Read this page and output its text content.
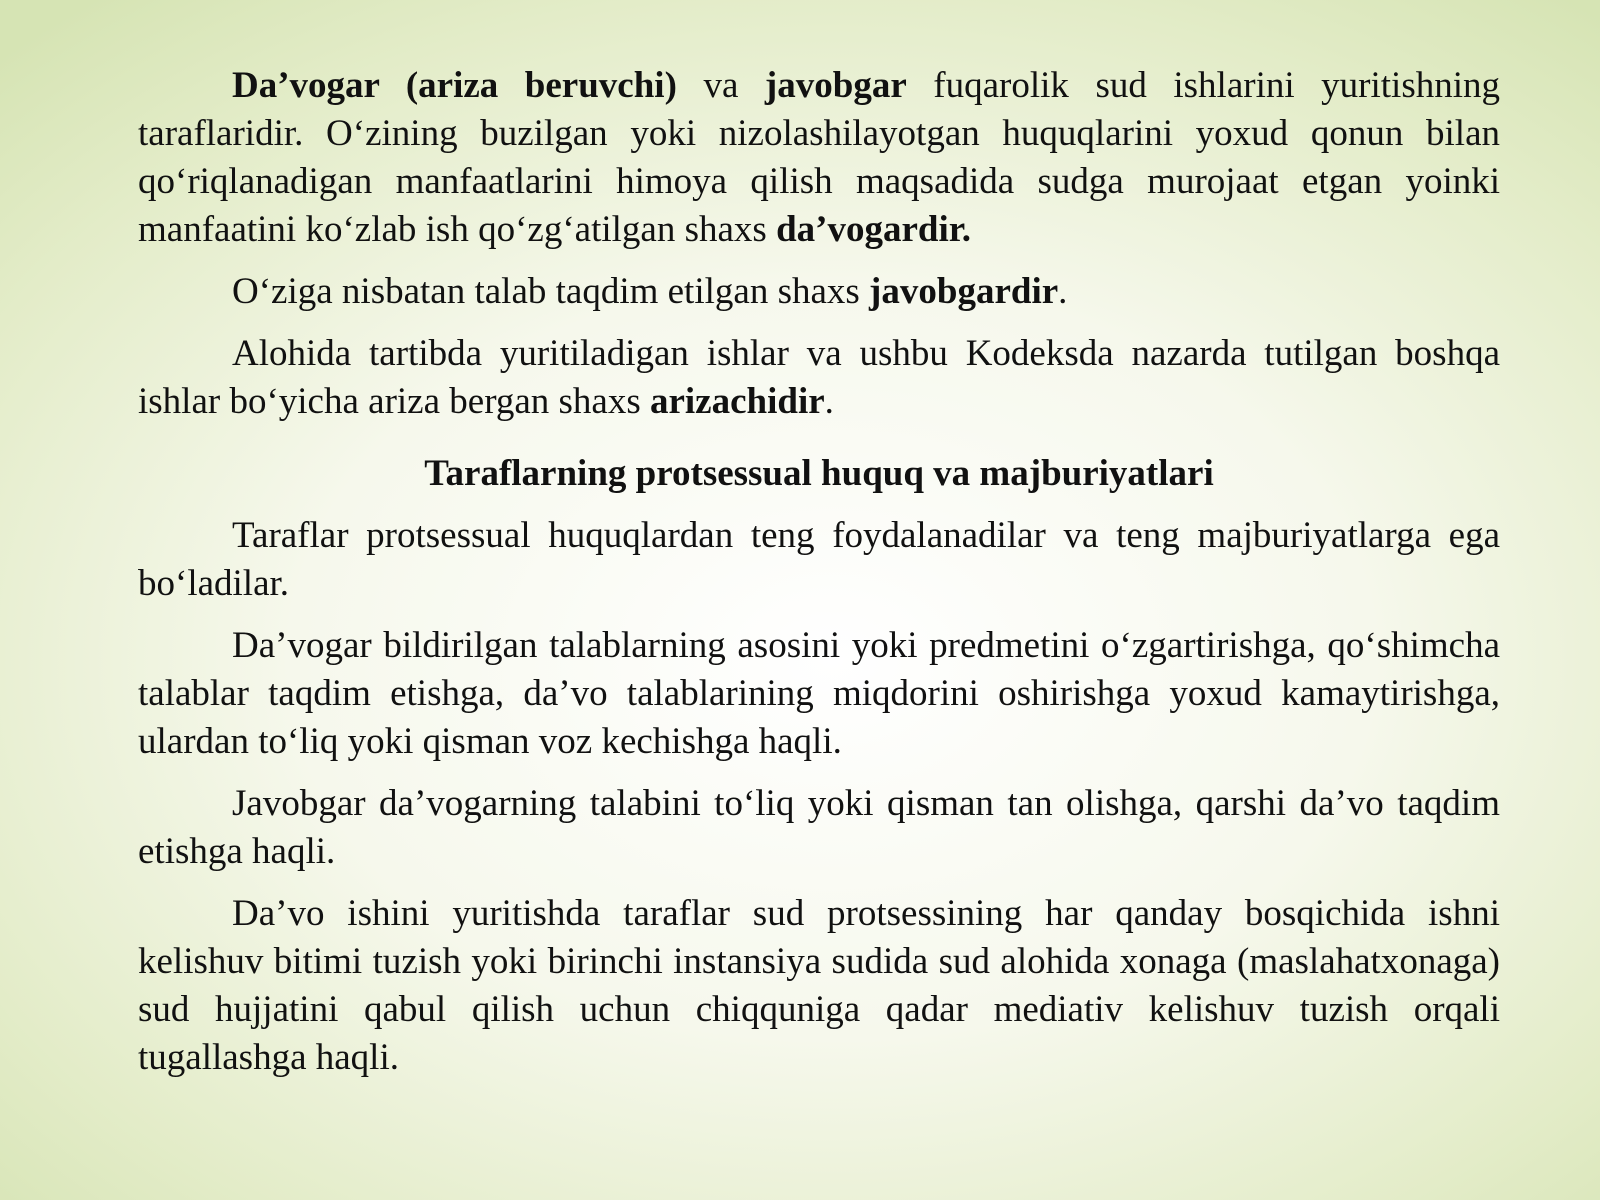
Da’vogar (ariza beruvchi) va javobgar fuqarolik sud ishlarini yuritishning taraflaridir. O‘zining buzilgan yoki nizolashilayotgan huquqlarini yoxud qonun bilan qo‘riqlanadigan manfaatlarini himoya qilish maqsadida sudga murojaat etgan yoinki manfaatini ko‘zlab ish qo‘zg‘atilgan shaxs da’vogardir.

O‘ziga nisbatan talab taqdim etilgan shaxs javobgardir.

Alohida tartibda yuritiladigan ishlar va ushbu Kodeksda nazarda tutilgan boshqa ishlar bo‘yicha ariza bergan shaxs arizachidir.

Taraflarning protsessual huquq va majburiyatlari

Taraflar protsessual huquqlardan teng foydalanadilar va teng majburiyatlarga ega bo‘ladilar.

Da’vogar bildirilgan talablarning asosini yoki predmetini o‘zgartirishga, qo‘shimcha talablar taqdim etishga, da’vo talablarining miqdorini oshirishga yoxud kamaytirishga, ulardan to‘liq yoki qisman voz kechishga haqli.

Javobgar da’vogarning talabini to‘liq yoki qisman tan olishga, qarshi da’vo taqdim etishga haqli.

Da’vo ishini yuritishda taraflar sud protsessining har qanday bosqichida ishni kelishuv bitimi tuzish yoki birinchi instansiya sudida sud alohida xonaga (maslahatxonaga) sud hujjatini qabul qilish uchun chiqquniga qadar mediativ kelishuv tuzish orqali tugallashga haqli.
